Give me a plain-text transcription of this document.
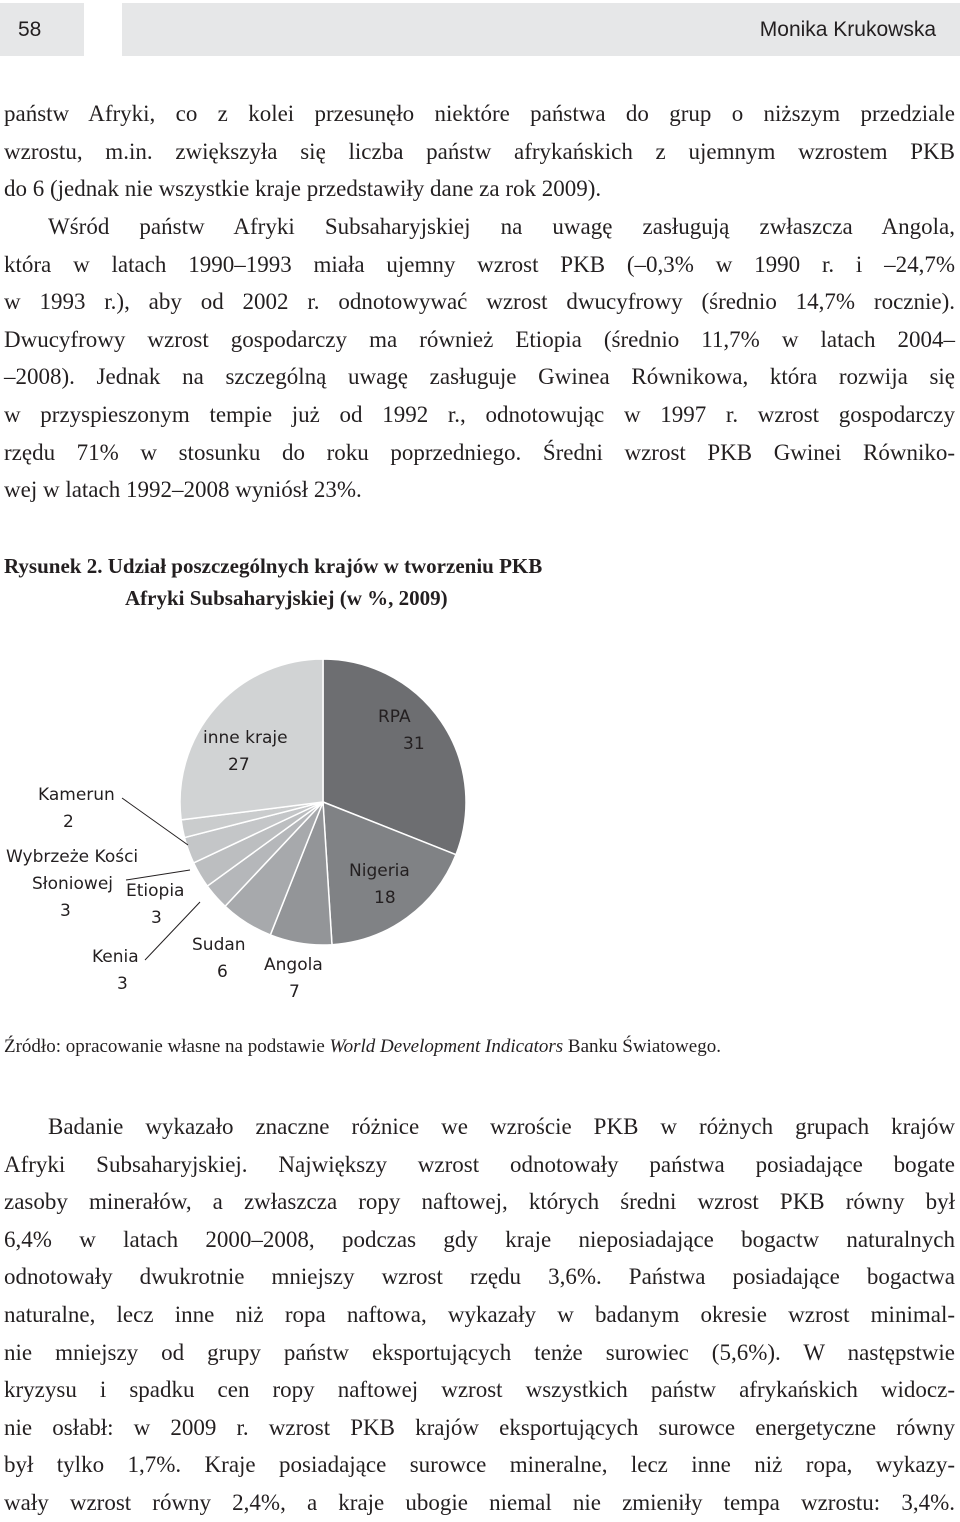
58	Monika Krukowska
państw Afryki, co z kolei przesunęło niektóre państwa do grup o niższym przedziale
wzrostu, m.in. zwiększyła się liczba państw afrykańskich z ujemnym wzrostem PKB
do 6 (jednak nie wszystkie kraje przedstawiły dane za rok 2009).
Wśród państw Afryki Subsaharyjskiej na uwagę zasługują zwłaszcza Angola,
która w latach 1990–1993 miała ujemny wzrost PKB (–0,3% w 1990 r. i –24,7%
w 1993 r.), aby od 2002 r. odnotowywać wzrost dwucyfrowy (średnio 14,7% rocznie).
Dwucyfrowy wzrost gospodarczy ma również Etiopia (średnio 11,7% w latach 2004–
–2008). Jednak na szczególną uwagę zasługuje Gwinea Równikowa, która rozwija się
w przyspieszonym tempie już od 1992 r., odnotowując w 1997 r. wzrost gospodarczy
rzędu 71% w stosunku do roku poprzedniego. Średni wzrost PKB Gwinei Równiko-
wej w latach 1992–2008 wyniósł 23%.
Rysunek 2. Udział poszczególnych krajów w tworzeniu PKB
Afryki Subsaharyjskiej (w %, 2009)
RPA 31
Nigeria 18
Angola 7
Sudan 6
Kenia 3
Etiopia 3
Wybrzeże Kości Słoniowej 3
Kamerun 2
inne kraje 27

Źródło: opracowanie własne na podstawie World Development Indicators Banku Światowego.

Badanie wykazało znaczne różnice we wzroście PKB w różnych grupach krajów
Afryki Subsaharyjskiej. Największy wzrost odnotowały państwa posiadające bogate
zasoby minerałów, a zwłaszcza ropy naftowej, których średni wzrost PKB równy był
6,4% w latach 2000–2008, podczas gdy kraje nieposiadające bogactw naturalnych
odnotowały dwukrotnie mniejszy wzrost rzędu 3,6%. Państwa posiadające bogactwa
naturalne, lecz inne niż ropa naftowa, wykazały w badanym okresie wzrost minimal-
nie mniejszy od grupy państw eksportujących tenże surowiec (5,6%). W następstwie
kryzysu i spadku cen ropy naftowej wzrost wszystkich państw afrykańskich widocz-
nie osłabł: w 2009 r. wzrost PKB krajów eksportujących surowce energetyczne równy
był tylko 1,7%. Kraje posiadające surowce mineralne, lecz inne niż ropa, wykazy-
wały wzrost równy 2,4%, a kraje ubogie niemal nie zmieniły tempa wzrostu: 3,4%.
